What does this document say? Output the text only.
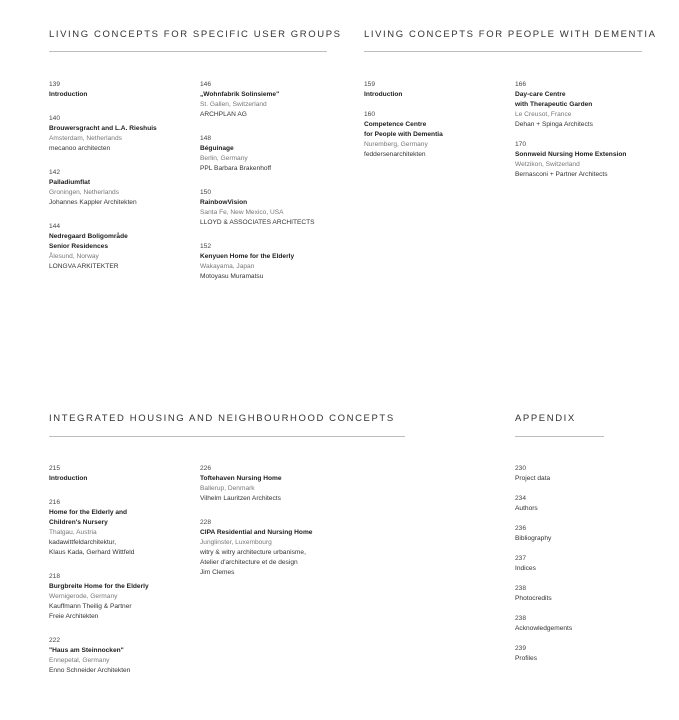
LIVING CONCEPTS FOR SPECIFIC USER GROUPS LIVING CONCEPTS FOR PEOPLE WITH DEMENTIA
INTEGRATED HOUSING AND NEIGHBOURHOOD CONCEPTS	APPENDIX
139
Introduction
140
Brouwersgracht and L.A. Rieshuis
Amsterdam, Netherlands
mecanoo architecten
142
Palladiumflat
Groningen, Netherlands
Johannes Kappler Architekten
144
Nedregaard Boligområde
Senior Residences
Ålesund, Norway
LONGVA ARKITEKTER
146
„Wohnfabrik Solinsieme"
St. Gallen, Switzerland
ARCHPLAN AG
148
Béguinage
Berlin, Germany
PPL Barbara Brakenhoff
150
RainbowVision
Santa Fe, New Mexico, USA
LLOYD & ASSOCIATES ARCHITECTS
152
Kenyuen Home for the Elderly
Wakayama, Japan
Motoyasu Muramatsu
159
Introduction
160
Competence Centre
for People with Dementia
Nuremberg, Germany
feddersenarchitekten
166
Day-care Centre
with Therapeutic Garden
Le Creusot, France
Dehan + Spinga Architects
170
Sonnweid Nursing Home Extension
Wetzikon, Switzerland
Bernasconi + Partner Architects
215
Introduction
216
Home for the Elderly and
Children's Nursery
Thalgau, Austria
kadawittfeldarchitektur,
Klaus Kada, Gerhard Wittfeld
218
Burgbreite Home for the Elderly
Wernigerode, Germany
Kauffmann Theilig & Partner
Freie Architekten
222
"Haus am Steinnocken"
Ennepetal, Germany
Enno Schneider Architekten
226
Toftehaven Nursing Home
Ballerup, Denmark
Vilhelm Lauritzen Architects
228
CIPA Residential and Nursing Home
Junglinster, Luxembourg
witry & witry architecture urbanisme,
Atelier d'architecture et de design
Jim Clemes
230
Project data
234
Authors
236
Bibliography
237
Indices
238
Photocredits
238
Acknowledgements
239
Profiles
